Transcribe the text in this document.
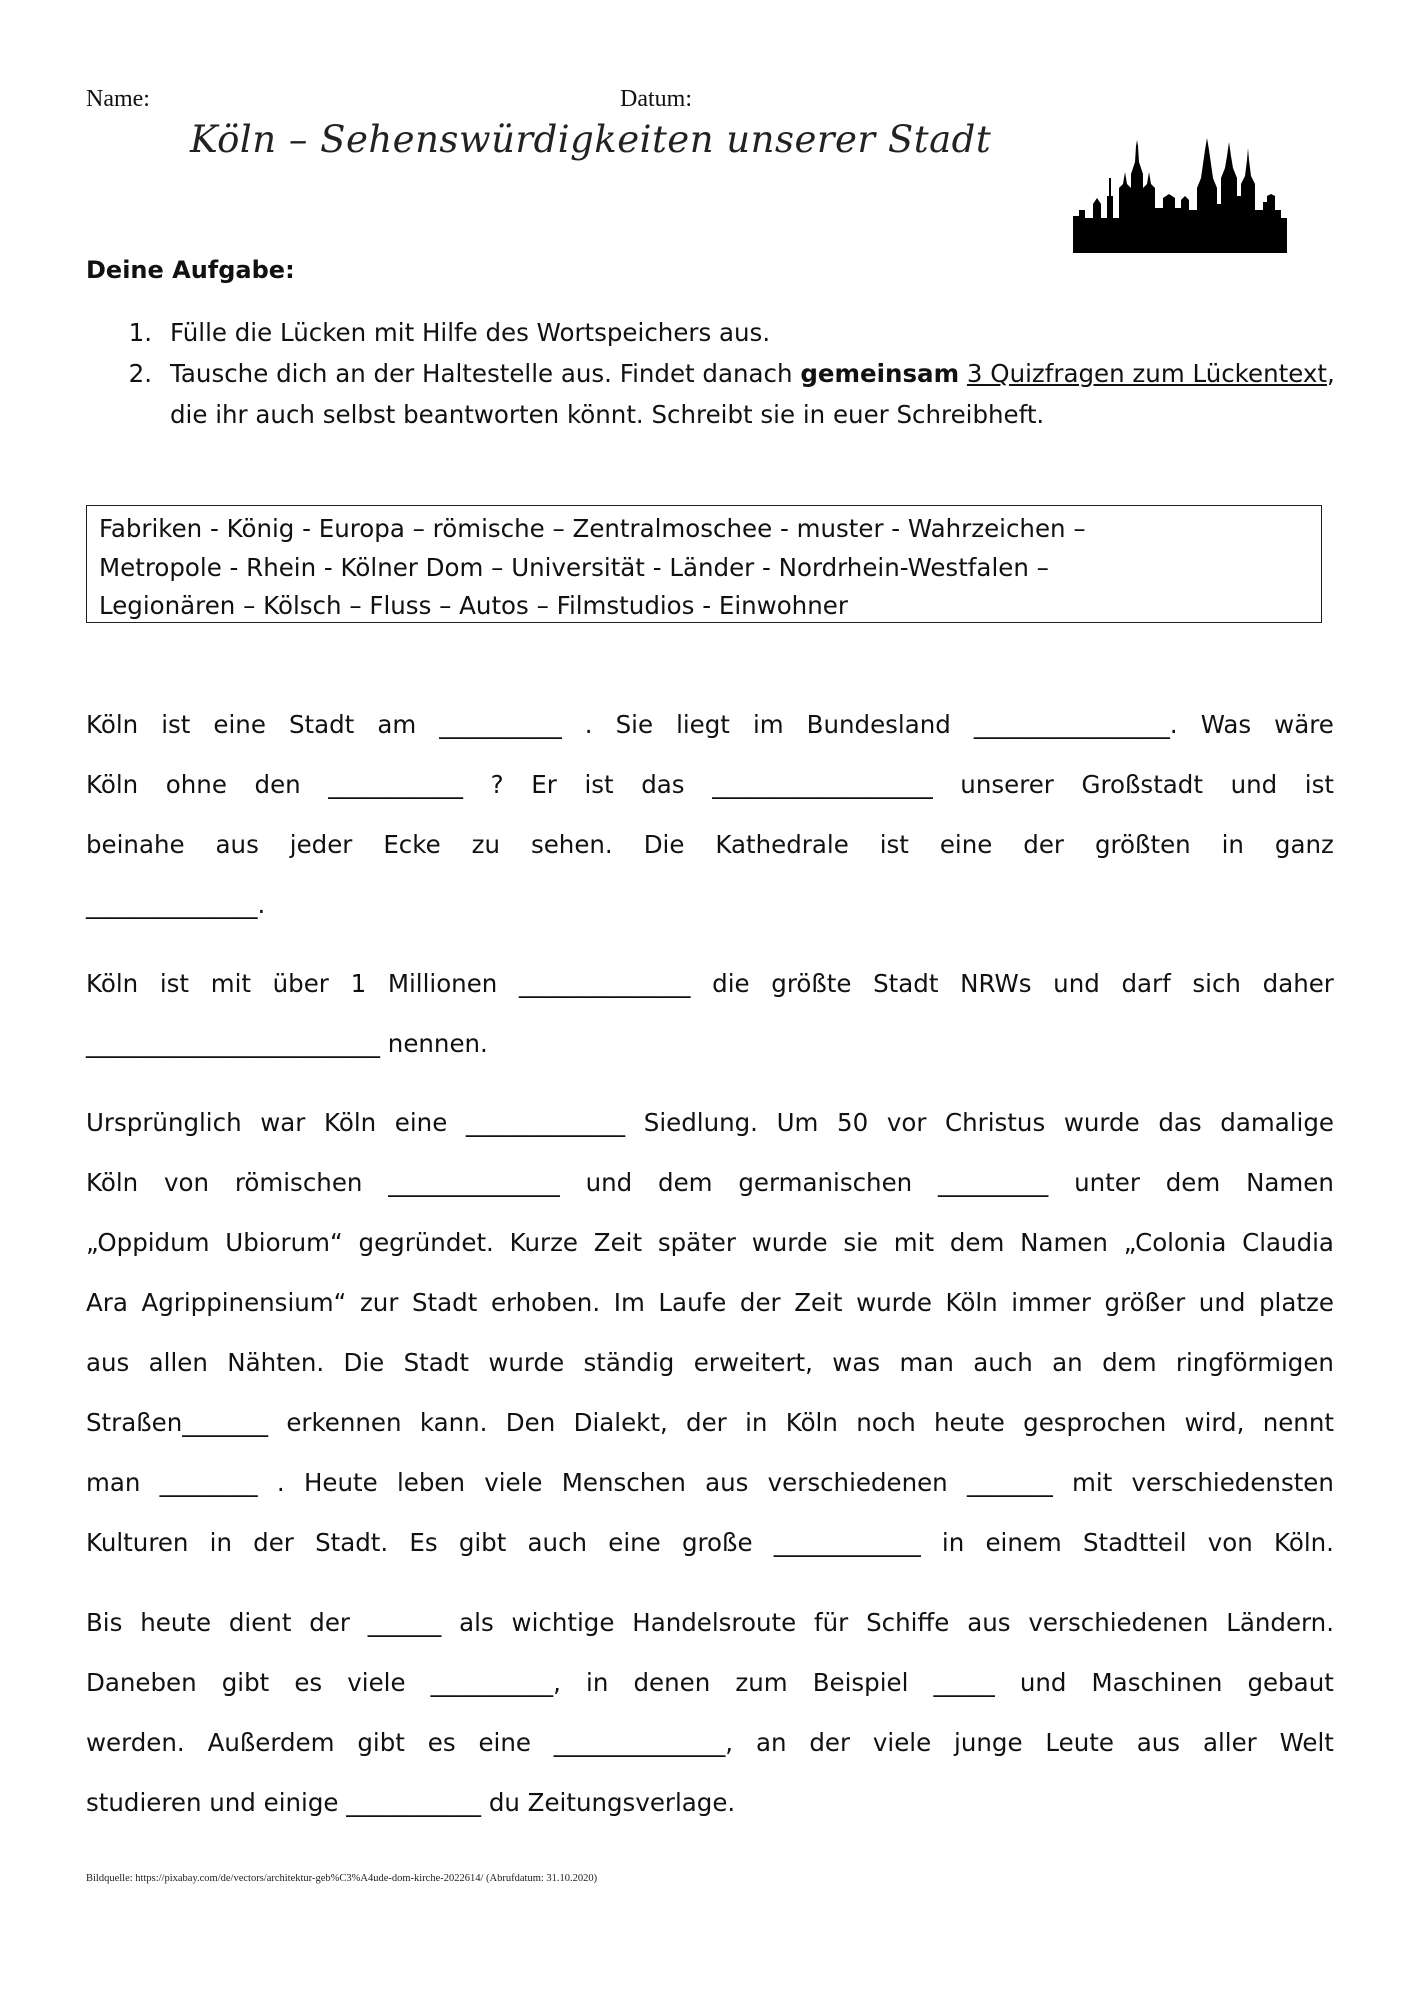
Name:	Datum:
Köln – Sehenswürdigkeiten unserer Stadt
Deine Aufgabe:
1. Fülle die Lücken mit Hilfe des Wortspeichers aus.
2. Tausche dich an der Haltestelle aus. Findet danach gemeinsam 3 Quizfragen zum Lückentext, die ihr auch selbst beantworten könnt. Schreibt sie in euer Schreibheft.
Fabriken - König - Europa – römische – Zentralmoschee - muster - Wahrzeichen –
Metropole - Rhein - Kölner Dom – Universität - Länder - Nordrhein-Westfalen –
Legionären – Kölsch – Fluss – Autos – Filmstudios - Einwohner
Köln ist eine Stadt am __________ . Sie liegt im Bundesland ________________. Was wäre
Köln ohne den ___________ ? Er ist das __________________ unserer Großstadt und ist
beinahe aus jeder Ecke zu sehen. Die Kathedrale ist eine der größten in ganz
______________.
Köln ist mit über 1 Millionen ______________ die größte Stadt NRWs und darf sich daher
________________________ nennen.
Ursprünglich war Köln eine _____________ Siedlung. Um 50 vor Christus wurde das damalige
Köln von römischen ______________ und dem germanischen _________ unter dem Namen
„Oppidum Ubiorum“ gegründet. Kurze Zeit später wurde sie mit dem Namen „Colonia Claudia
Ara Agrippinensium“ zur Stadt erhoben. Im Laufe der Zeit wurde Köln immer größer und platze
aus allen Nähten. Die Stadt wurde ständig erweitert, was man auch an dem ringförmigen
Straßen_______ erkennen kann. Den Dialekt, der in Köln noch heute gesprochen wird, nennt
man ________ . Heute leben viele Menschen aus verschiedenen _______ mit verschiedensten
Kulturen in der Stadt. Es gibt auch eine große ____________ in einem Stadtteil von Köln.
Bis heute dient der ______ als wichtige Handelsroute für Schiffe aus verschiedenen Ländern.
Daneben gibt es viele __________, in denen zum Beispiel _____ und Maschinen gebaut
werden. Außerdem gibt es eine ______________, an der viele junge Leute aus aller Welt
studieren und einige ___________ du Zeitungsverlage.
Bildquelle: https://pixabay.com/de/vectors/architektur-geb%C3%A4ude-dom-kirche-2022614/ (Abrufdatum: 31.10.2020)
